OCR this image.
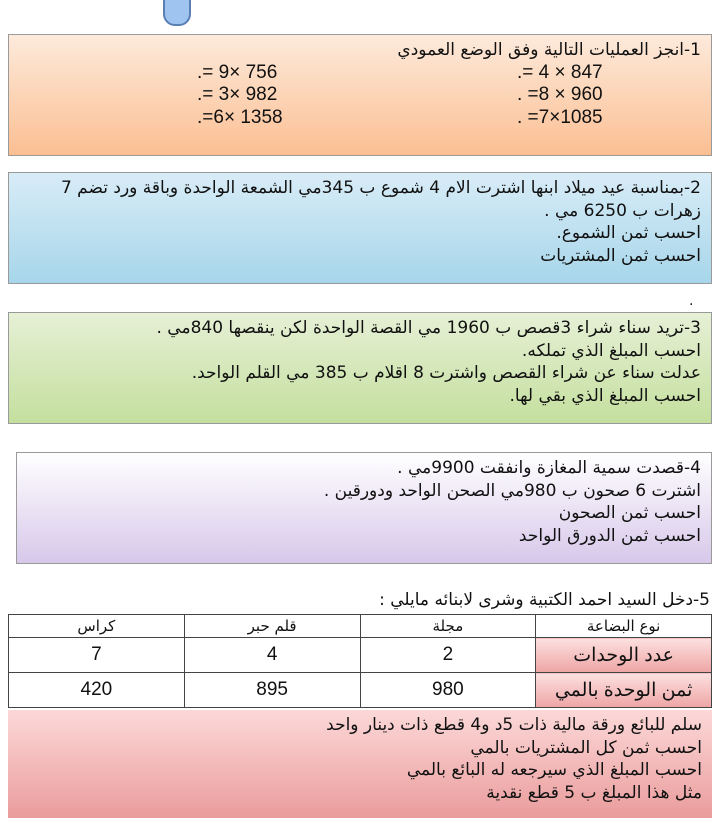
1-انجز العمليات التالية وفق الوضع العمودي
.= 9× 756	.= 4 × 847
.= 3× 982	. =8 × 960
.=6× 1358	. =7×1085
2-بمناسبة عيد ميلاد ابنها اشترت الام 4 شموع ب 345مي الشمعة الواحدة وباقة ورد تضم 7
زهرات ب 6250 مي .
احسب ثمن الشموع.
احسب ثمن المشتريات
.
3-تريد سناء شراء 3قصص ب 1960 مي القصة الواحدة لكن ينقصها 840مي .
احسب المبلغ الذي تملكه.
عدلت سناء عن شراء القصص واشترت 8 اقلام ب 385 مي القلم الواحد.
احسب المبلغ الذي بقي لها.
4-قصدت سمية المغازة وانفقت 9900مي .
اشترت 6 صحون ب 980مي الصحن الواحد ودورقين .
احسب ثمن الصحون
احسب ثمن الدورق الواحد
5-دخل السيد احمد الكتبية وشرى لابنائه مايلي :
نوع البضاعة	مجلة	قلم حبر	كراس
عدد الوحدات	2	4	7
ثمن الوحدة بالمي	980	895	420
سلم للبائع ورقة مالية ذات 5د و4 قطع ذات دينار واحد
احسب ثمن كل المشتريات بالمي
احسب المبلغ الذي سيرجعه له البائع بالمي
مثل هذا المبلغ ب 5 قطع نقدية
